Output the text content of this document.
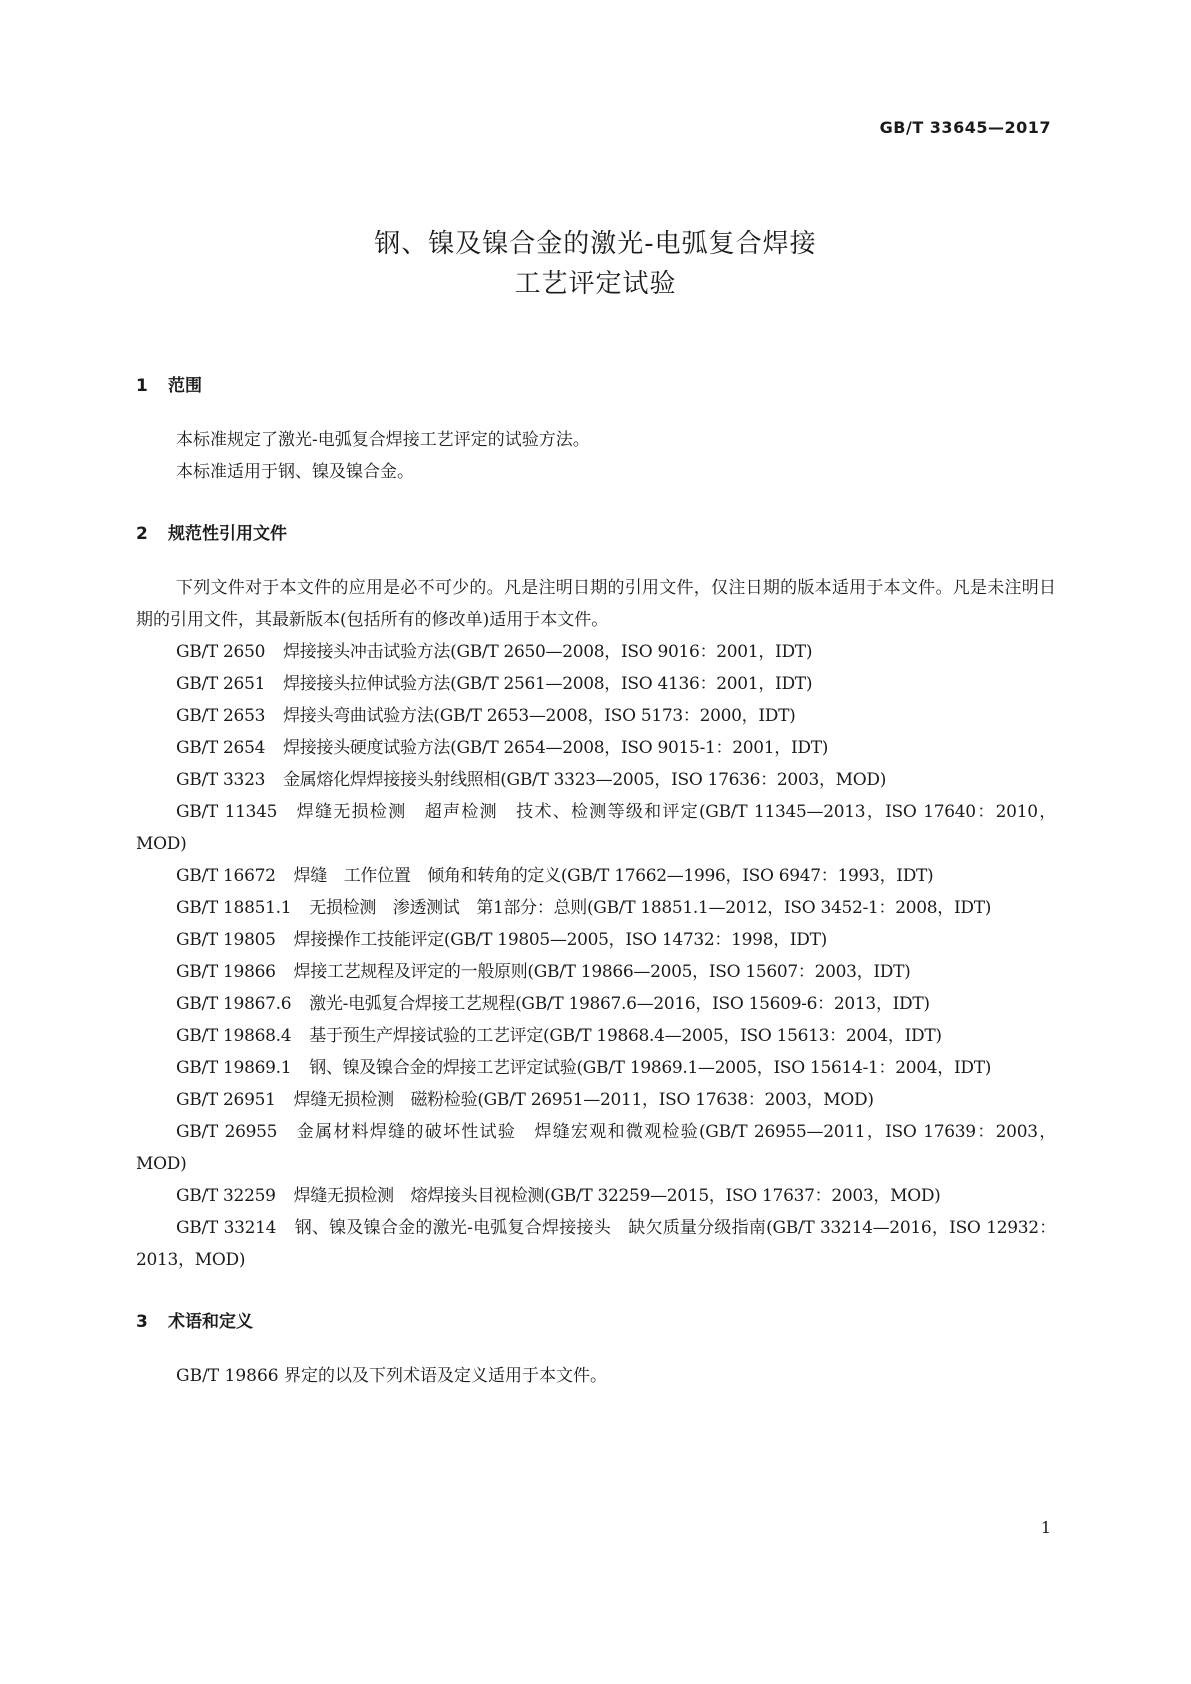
GB/T 33645—2017
钢、镍及镍合金的激光-电弧复合焊接
工艺评定试验
1 范围
本标准规定了激光-电弧复合焊接工艺评定的试验方法。
本标准适用于钢、镍及镍合金。
2 规范性引用文件
下列文件对于本文件的应用是必不可少的。凡是注明日期的引用文件，仅注日期的版本适用于本文件。凡是未注明日期的引用文件，其最新版本(包括所有的修改单)适用于本文件。
GB/T 2650 焊接接头冲击试验方法(GB/T 2650—2008，ISO 9016：2001，IDT)
GB/T 2651 焊接接头拉伸试验方法(GB/T 2561—2008，ISO 4136：2001，IDT)
GB/T 2653 焊接头弯曲试验方法(GB/T 2653—2008，ISO 5173：2000，IDT)
GB/T 2654 焊接接头硬度试验方法(GB/T 2654—2008，ISO 9015-1：2001，IDT)
GB/T 3323 金属熔化焊焊接接头射线照相(GB/T 3323—2005，ISO 17636：2003，MOD)
GB/T 11345 焊缝无损检测　超声检测　技术、检测等级和评定(GB/T 11345—2013，ISO 17640：2010，MOD)
GB/T 16672 焊缝　工作位置　倾角和转角的定义(GB/T 17662—1996，ISO 6947：1993，IDT)
GB/T 18851.1 无损检测　渗透测试　第1部分：总则(GB/T 18851.1—2012，ISO 3452-1：2008，IDT)
GB/T 19805 焊接操作工技能评定(GB/T 19805—2005，ISO 14732：1998，IDT)
GB/T 19866 焊接工艺规程及评定的一般原则(GB/T 19866—2005，ISO 15607：2003，IDT)
GB/T 19867.6 激光-电弧复合焊接工艺规程(GB/T 19867.6—2016，ISO 15609-6：2013，IDT)
GB/T 19868.4 基于预生产焊接试验的工艺评定(GB/T 19868.4—2005，ISO 15613：2004，IDT)
GB/T 19869.1 钢、镍及镍合金的焊接工艺评定试验(GB/T 19869.1—2005，ISO 15614-1：2004，IDT)
GB/T 26951 焊缝无损检测　磁粉检验(GB/T 26951—2011，ISO 17638：2003，MOD)
GB/T 26955 金属材料焊缝的破坏性试验　焊缝宏观和微观检验(GB/T 26955—2011，ISO 17639：2003，MOD)
GB/T 32259 焊缝无损检测　熔焊接头目视检测(GB/T 32259—2015，ISO 17637：2003，MOD)
GB/T 33214 钢、镍及镍合金的激光-电弧复合焊接接头　缺欠质量分级指南(GB/T 33214—2016，ISO 12932：2013，MOD)
3 术语和定义
GB/T 19866 界定的以及下列术语及定义适用于本文件。
1
